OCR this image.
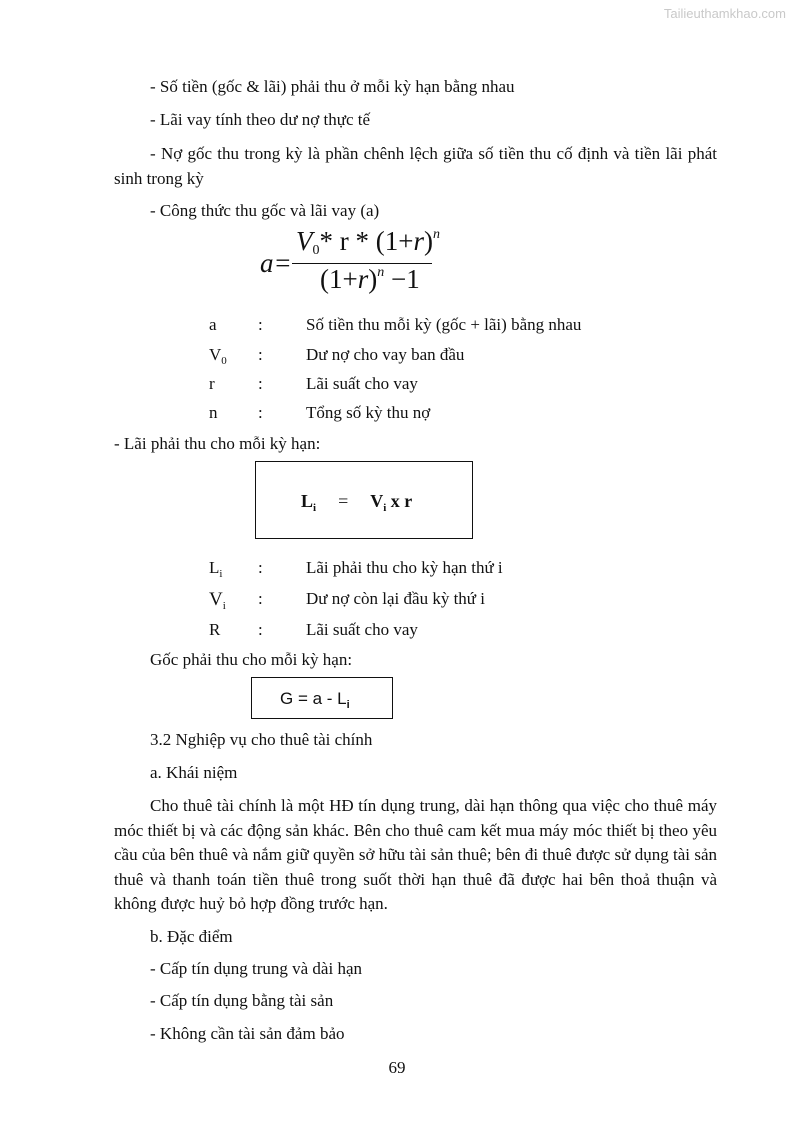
Tailieuthamkhao.com
- Số tiền (gốc & lãi) phải thu ở mỗi kỳ hạn bằng nhau
- Lãi vay tính theo dư nợ thực tế
- Nợ gốc thu trong kỳ là phần chênh lệch giữa số tiền thu cố định và tiền lãi phát sinh trong kỳ
- Công thức thu gốc và lãi vay (a)
a=
$V_0*$ $r * (1+r)^n$
$(1+r)^n -1$
a :	Số tiền thu mỗi kỳ (gốc + lãi) bằng nhau
$V_0$ :	Dư nợ cho vay ban đầu
r	:	Lãi suất cho vay
n :	Tổng số kỳ thu nợ
- Lãi phải thu cho mỗi kỳ hạn:
$L_i = V_i$ x r
$L_i$ :	Lãi phải thu cho kỳ hạn thứ i
$V_i$ :	Dư nợ còn lại đầu kỳ thứ i
R :	Lãi suất cho vay
Gốc phải thu cho mỗi kỳ hạn:
$G = a - L_i$
3.2 Nghiệp vụ cho thuê tài chính
a. Khái niệm
Cho thuê tài chính là một HĐ tín dụng trung, dài hạn thông qua việc cho thuê máy móc thiết bị và các động sản khác. Bên cho thuê cam kết mua máy móc thiết bị theo yêu cầu của bên thuê và nắm giữ quyền sở hữu tài sản thuê; bên đi thuê được sử dụng tài sản thuê và thanh toán tiền thuê trong suốt thời hạn thuê đã được hai bên thoả thuận và không được huỷ bỏ hợp đồng trước hạn.
b. Đặc điểm
- Cấp tín dụng trung và dài hạn
- Cấp tín dụng bằng tài sản
- Không cần tài sản đảm bảo
69
